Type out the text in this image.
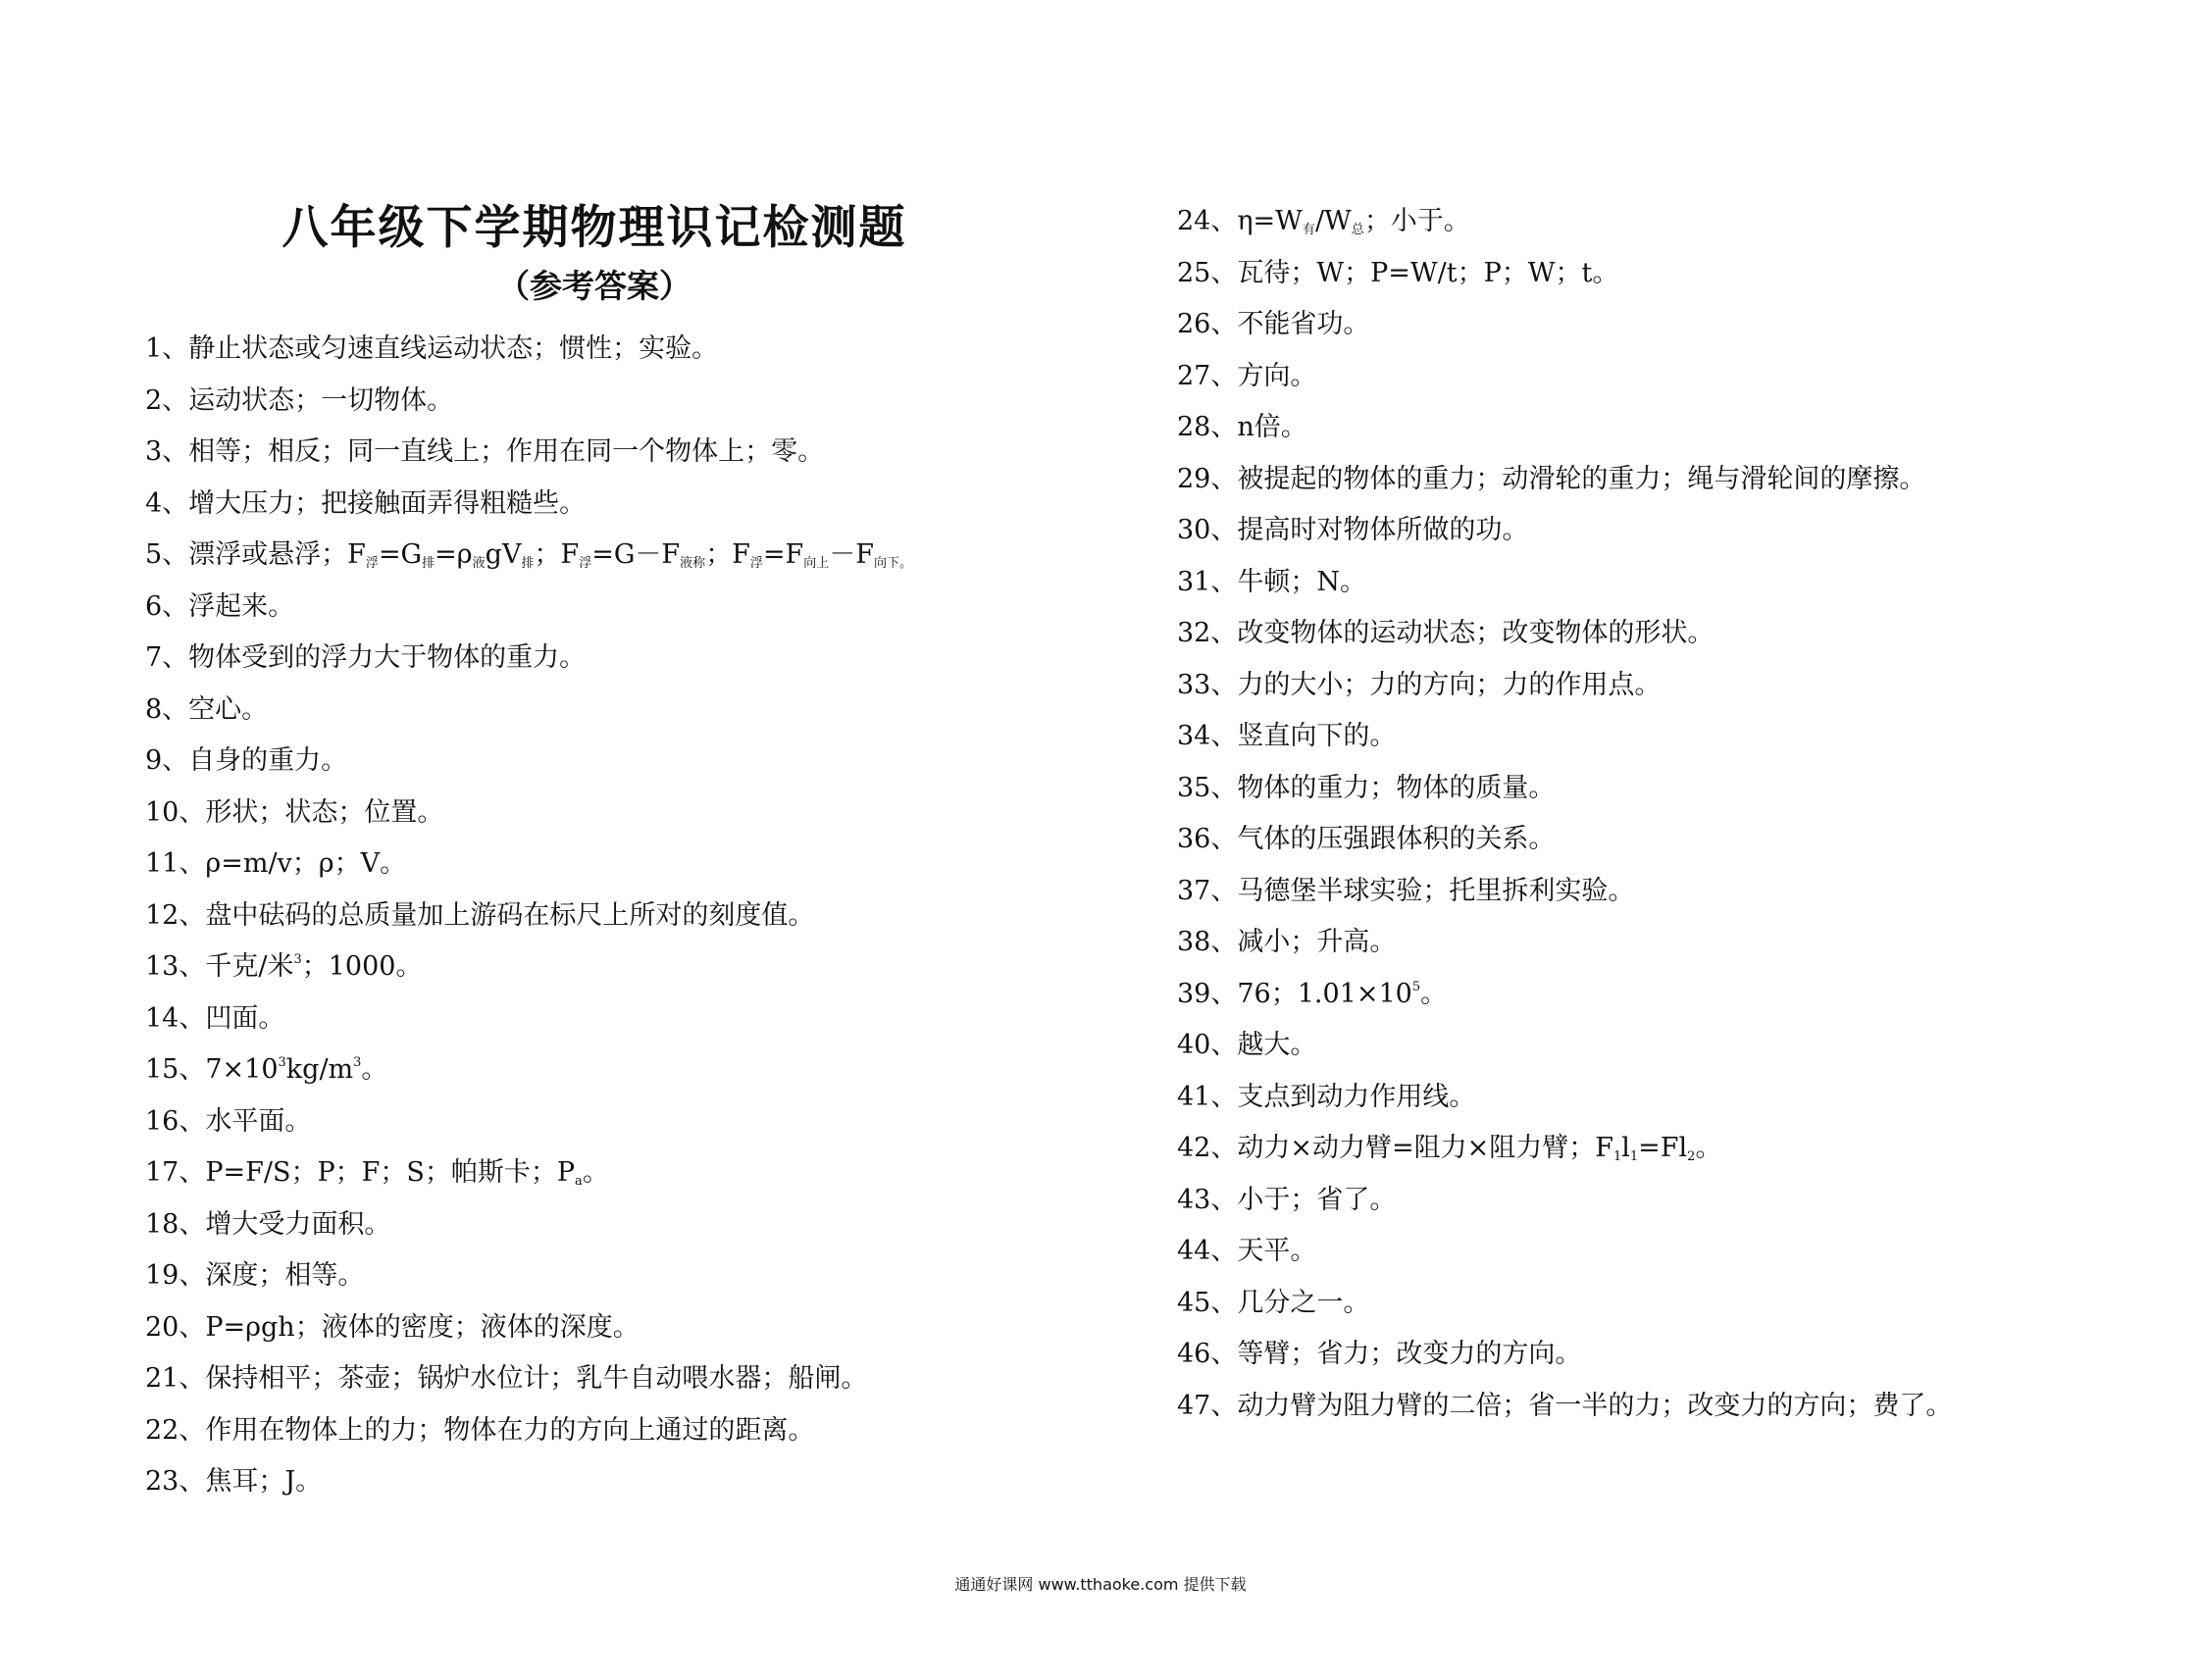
八年级下学期物理识记检测题
（参考答案）
1、静止状态或匀速直线运动状态；惯性；实验。
2、运动状态；一切物体。
3、相等；相反；同一直线上；作用在同一个物体上；零。
4、增大压力；把接触面弄得粗糙些。
5、漂浮或悬浮；$F_浮=G_排=\rho_液gV_排$；$F_浮=G-F_{液称}$；$F_浮=F_{向上}-F_{向下。}$
6、浮起来。
7、物体受到的浮力大于物体的重力。
8、空心。
9、自身的重力。
10、形状；状态；位置。
11、ρ=m/v；ρ；V。
12、盘中砝码的总质量加上游码在标尺上所对的刻度值。
13、千克/米$^3$；1000。
14、凹面。
15、$7\times 10^3kg/m^3$。
16、水平面。
17、P=F/S；P；F；S；帕斯卡；$P_a$。
18、增大受力面积。
19、深度；相等。
20、P=ρgh；液体的密度；液体的深度。
21、保持相平；茶壶；锅炉水位计；乳牛自动喂水器；船闸。
22、作用在物体上的力；物体在力的方向上通过的距离。
23、焦耳；J。
24、$\eta=W_有/W_总$；小于。
25、瓦待；W；P=W/t；P；W；t。
26、不能省功。
27、方向。
28、n倍。
29、被提起的物体的重力；动滑轮的重力；绳与滑轮间的摩擦。
30、提高时对物体所做的功。
31、牛顿；N。
32、改变物体的运动状态；改变物体的形状。
33、力的大小；力的方向；力的作用点。
34、竖直向下的。
35、物体的重力；物体的质量。
36、气体的压强跟体积的关系。
37、马德堡半球实验；托里拆利实验。
38、减小；升高。
39、76；$1.01\times 10^5$。
40、越大。
41、支点到动力作用线。
42、动力×动力臂=阻力×阻力臂；$F_1l_1=Fl_2$。
43、小于；省了。
44、天平。
45、几分之一。
46、等臂；省力；改变力的方向。
47、动力臂为阻力臂的二倍；省一半的力；改变力的方向；费了。
通通好课网 www.tthaoke.com 提供下载
